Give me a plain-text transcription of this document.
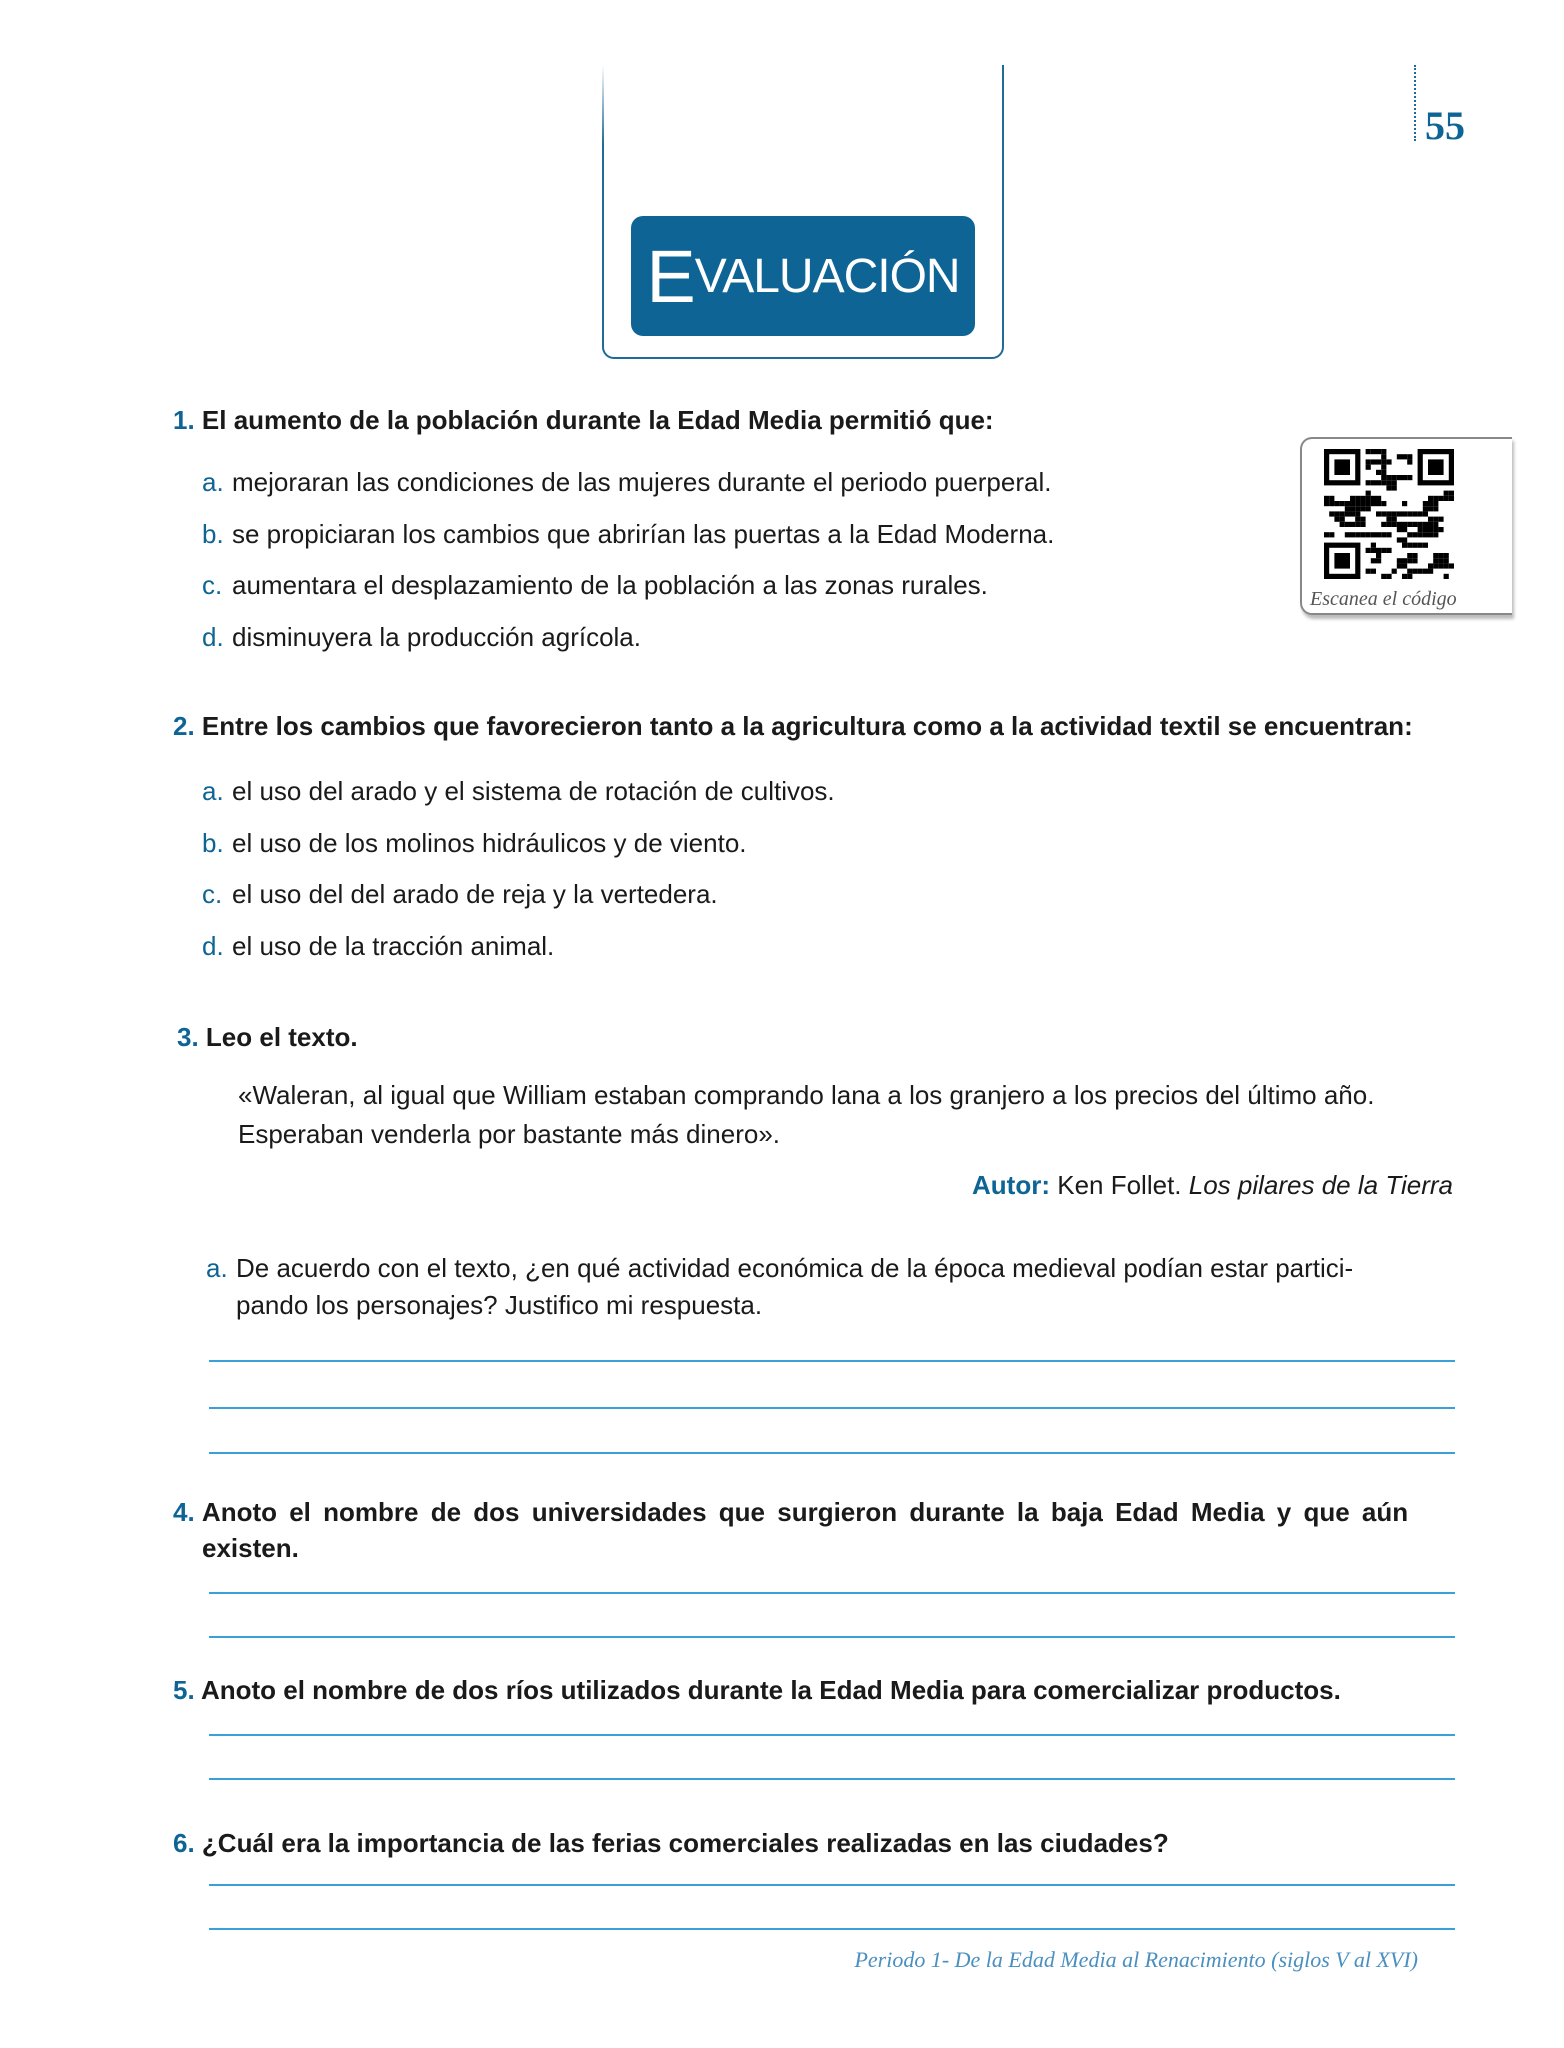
E VALUACIÓN
55
Escanea el código
1. El aumento de la población durante la Edad Media permitió que:
a. mejoraran las condiciones de las mujeres durante el periodo puerperal.
b. se propiciaran los cambios que abrirían las puertas a la Edad Moderna.
c. aumentara el desplazamiento de la población a las zonas rurales.
d. disminuyera la producción agrícola.
2. Entre los cambios que favorecieron tanto a la agricultura como a la actividad textil se encuentran:
a. el uso del arado y el sistema de rotación de cultivos.
b. el uso de los molinos hidráulicos y de viento.
c. el uso del del arado de reja y la vertedera.
d. el uso de la tracción animal.
3. Leo el texto.
«Waleran, al igual que William estaban comprando lana a los granjero a los precios del último año.
Esperaban venderla por bastante más dinero».
Autor: Ken Follet. Los pilares de la Tierra
a. De acuerdo con el texto, ¿en qué actividad económica de la época medieval podían estar partici-
pando los personajes? Justifico mi respuesta.
4. Anoto el nombre de dos universidades que surgieron durante la baja Edad Media y que aún
existen.
5. Anoto el nombre de dos ríos utilizados durante la Edad Media para comercializar productos.
6. ¿Cuál era la importancia de las ferias comerciales realizadas en las ciudades?
Periodo 1- De la Edad Media al Renacimiento (siglos V al XVI)
